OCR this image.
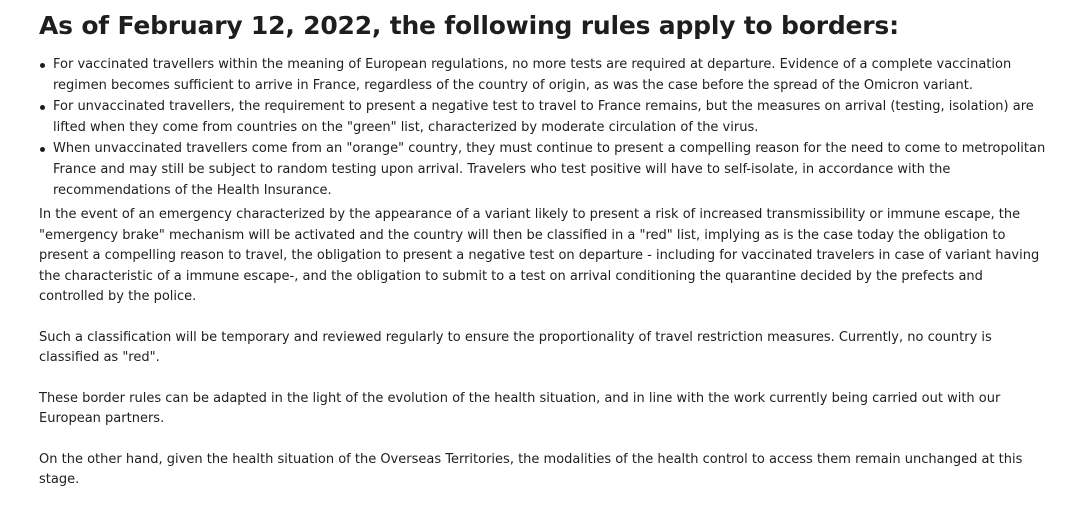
As of February 12, 2022, the following rules apply to borders:
For vaccinated travellers within the meaning of European regulations, no more tests are required at departure. Evidence of a complete vaccination regimen becomes sufficient to arrive in France, regardless of the country of origin, as was the case before the spread of the Omicron variant.
For unvaccinated travellers, the requirement to present a negative test to travel to France remains, but the measures on arrival (testing, isolation) are lifted when they come from countries on the "green" list, characterized by moderate circulation of the virus.
When unvaccinated travellers come from an "orange" country, they must continue to present a compelling reason for the need to come to metropolitan France and may still be subject to random testing upon arrival. Travelers who test positive will have to self-isolate, in accordance with the recommendations of the Health Insurance.

In the event of an emergency characterized by the appearance of a variant likely to present a risk of increased transmissibility or immune escape, the "emergency brake" mechanism will be activated and the country will then be classified in a "red" list, implying as is the case today the obligation to present a compelling reason to travel, the obligation to present a negative test on departure - including for vaccinated travelers in case of variant having the characteristic of a immune escape-, and the obligation to submit to a test on arrival conditioning the quarantine decided by the prefects and controlled by the police.

Such a classification will be temporary and reviewed regularly to ensure the proportionality of travel restriction measures. Currently, no country is classified as "red".

These border rules can be adapted in the light of the evolution of the health situation, and in line with the work currently being carried out with our European partners.

On the other hand, given the health situation of the Overseas Territories, the modalities of the health control to access them remain unchanged at this stage.
